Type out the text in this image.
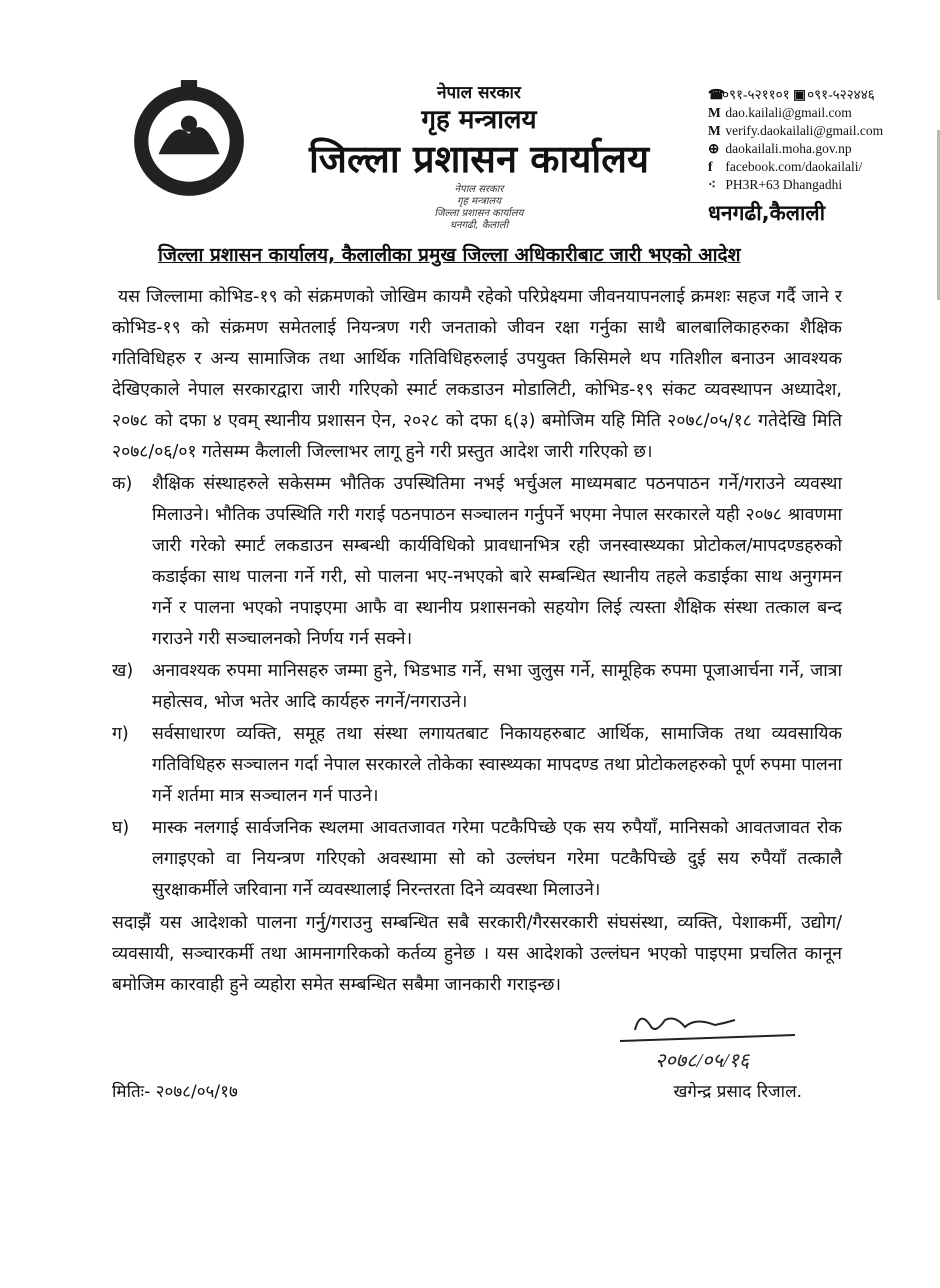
नेपाल सरकार
गृह मन्त्रालय
जिल्ला प्रशासन कार्यालय
नेपाल सरकार
गृह मन्त्रालय
जिल्ला प्रशासन कार्यालय
धनगढी, कैलाली
☎०९१-५२११०१ ▣०९१-५२२४४६
M dao.kailali@gmail.com
M verify.daokailali@gmail.com
⊕ daokailali.moha.gov.np
f facebook.com/daokailali/
⁖ PH3R+63 Dhangadhi
धनगढी,कैलाली
जिल्ला प्रशासन कार्यालय, कैलालीका प्रमुख जिल्ला अधिकारीबाट जारी भएको आदेश

यस जिल्लामा कोभिड-१९ को संक्रमणको जोखिम कायमै रहेको परिप्रेक्ष्यमा जीवनयापनलाई क्रमशः सहज गर्दै जाने र कोभिड-१९ को संक्रमण समेतलाई नियन्त्रण गरी जनताको जीवन रक्षा गर्नुका साथै बालबालिकाहरुका शैक्षिक गतिविधिहरु र अन्य सामाजिक तथा आर्थिक गतिविधिहरुलाई उपयुक्त किसिमले थप गतिशील बनाउन आवश्यक देखिएकाले नेपाल सरकारद्वारा जारी गरिएको स्मार्ट लकडाउन मोडालिटी, कोभिड-१९ संकट व्यवस्थापन अध्यादेश, २०७८ को दफा ४ एवम् स्थानीय प्रशासन ऐन, २०२८ को दफा ६(३) बमोजिम यहि मिति २०७८/०५/१८ गतेदेखि मिति २०७८/०६/०१ गतेसम्म कैलाली जिल्लाभर लागू हुने गरी प्रस्तुत आदेश जारी गरिएको छ।

क)	शैक्षिक संस्थाहरुले सकेसम्म भौतिक उपस्थितिमा नभई भर्चुअल माध्यमबाट पठनपाठन गर्ने/गराउने व्यवस्था मिलाउने। भौतिक उपस्थिति गरी गराई पठनपाठन सञ्चालन गर्नुपर्ने भएमा नेपाल सरकारले यही २०७८ श्रावणमा जारी गरेको स्मार्ट लकडाउन सम्बन्धी कार्यविधिको प्रावधानभित्र रही जनस्वास्थ्यका प्रोटोकल/मापदण्डहरुको कडाईका साथ पालना गर्ने गरी, सो पालना भए-नभएको बारे सम्बन्धित स्थानीय तहले कडाईका साथ अनुगमन गर्ने र पालना भएको नपाइएमा आफै वा स्थानीय प्रशासनको सहयोग लिई त्यस्ता शैक्षिक संस्था तत्काल बन्द गराउने गरी सञ्चालनको निर्णय गर्न सक्ने।
ख)	अनावश्यक रुपमा मानिसहरु जम्मा हुने, भिडभाड गर्ने, सभा जुलुस गर्ने, सामूहिक रुपमा पूजाआर्चना गर्ने, जात्रा महोत्सव, भोज भतेर आदि कार्यहरु नगर्ने/नगराउने।
ग)	सर्वसाधारण व्यक्ति, समूह तथा संस्था लगायतबाट निकायहरुबाट आर्थिक, सामाजिक तथा व्यवसायिक गतिविधिहरु सञ्चालन गर्दा नेपाल सरकारले तोकेका स्वास्थ्यका मापदण्ड तथा प्रोटोकलहरुको पूर्ण रुपमा पालना गर्ने शर्तमा मात्र सञ्चालन गर्न पाउने।
घ)	मास्क नलगाई सार्वजनिक स्थलमा आवतजावत गरेमा पटकैपिच्छे एक सय रुपैयाँ, मानिसको आवतजावत रोक लगाइएको वा नियन्त्रण गरिएको अवस्थामा सो को उल्लंघन गरेमा पटकैपिच्छे दुई सय रुपैयाँ तत्कालै सुरक्षाकर्मीले जरिवाना गर्ने व्यवस्थालाई निरन्तरता दिने व्यवस्था मिलाउने।

सदाझैं यस आदेशको पालना गर्नु/गराउनु सम्बन्धित सबै सरकारी/गैरसरकारी संघसंस्था, व्यक्ति, पेशाकर्मी, उद्योग/व्यवसायी, सञ्चारकर्मी तथा आमनागरिकको कर्तव्य हुनेछ । यस आदेशको उल्लंघन भएको पाइएमा प्रचलित कानून बमोजिम कारवाही हुने व्यहोरा समेत सम्बन्धित सबैमा जानकारी गराइन्छ।

२०७८/०५/१६
मितिः- २०७८/०५/१७	खगेन्द्र प्रसाद रिजाल.
